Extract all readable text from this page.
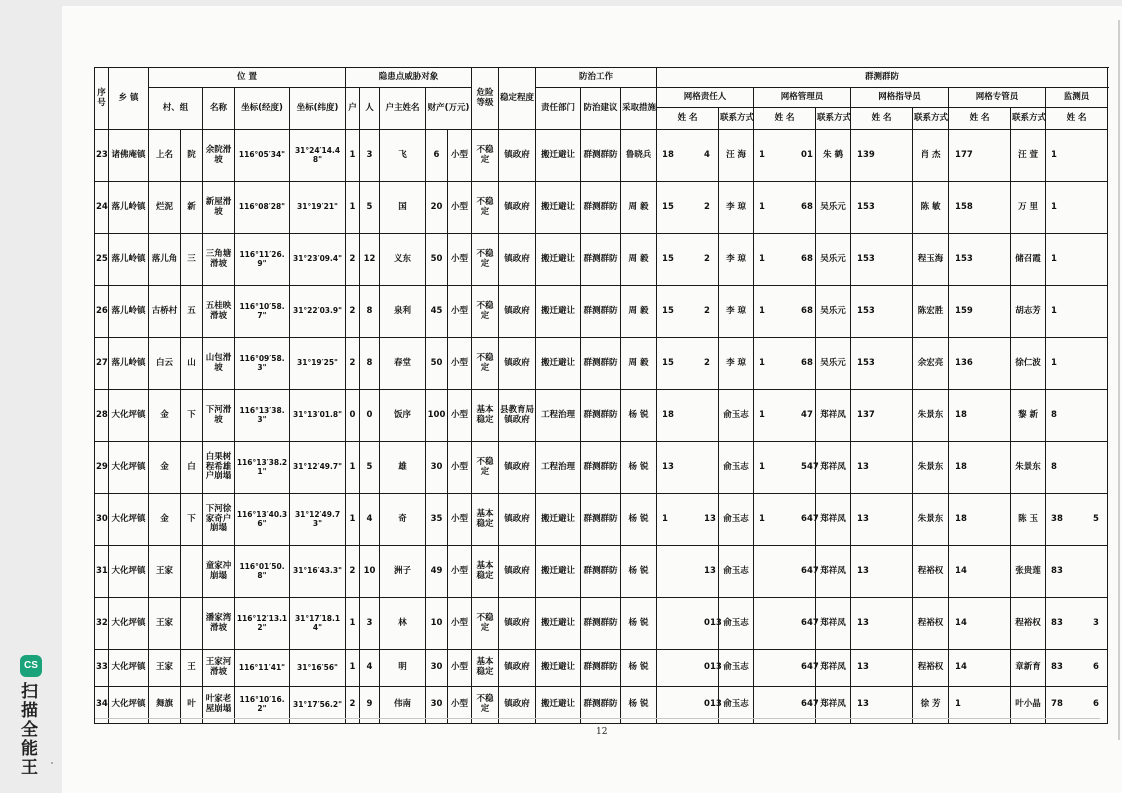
序号	乡 镇	位 置					隐患点威胁对象					危险等级	稳定程度	防治工作			群测群防									
		村、组		名称	坐标(经度)	坐标(纬度)	户	人	户主姓名	财产(万元)				责任部门	防治建议	采取措施	网格责任人		网格管理员		网格指导员		网格专管员		监测员	
																	姓 名	联系方式	姓 名	联系方式	姓 名	联系方式	姓 名	联系方式	姓 名	
23	诸佛庵镇	上名	院	余院滑坡	116°05′34"	31°24′14.48"	1	3	飞	6	小型	不稳定	镇政府	搬迁避让	群测群防	鲁晓兵	18 4	汪 海	1 01	朱 鹤	139	肖 杰	177	汪 萱	1	
24	落儿岭镇	烂泥	新	新屋滑坡	116°08′28"	31°19′21"	1	5	国	20	小型	不稳定	镇政府	搬迁避让	群测群防	周 毅	15 2	李 琼	1 68	吴乐元	153	陈 敏	158	万 里	1	
25	落儿岭镇	落儿角	三	三角塘滑坡	116°11′26.9"	31°23′09.4"	2	12	义东	50	小型	不稳定	镇政府	搬迁避让	群测群防	周 毅	15 2	李 琼	1 68	吴乐元	153	程玉海	153	储召霞	1	
26	落儿岭镇	古桥村	五	五桂映滑坡	116°10′58.7"	31°22′03.9"	2	8	泉利	45	小型	不稳定	镇政府	搬迁避让	群测群防	周 毅	15 2	李 琼	1 68	吴乐元	153	陈宏胜	159	胡志芳	1	
27	落儿岭镇	白云	山	山包滑坡	116°09′58.3"	31°19′25"	2	8	春堂	50	小型	不稳定	镇政府	搬迁避让	群测群防	周 毅	15 2	李 琼	1 68	吴乐元	153	余宏亮	136	徐仁波	1	
28	大化坪镇	金	下	下河滑坡	116°13′38.3"	31°13′01.8"	0	0	饭序	100	小型	基本稳定	县教育局镇政府	工程治理	群测群防	杨 锐	18	俞玉志	1 47	郑祥凤	137	朱景东	18	黎 新	8	
29	大化坪镇	金	白	白果树程希雄户崩塌	116°13′38.21"	31°12′49.7"	1	5	雄	30	小型	不稳定	镇政府	工程治理	群测群防	杨 锐	13	俞玉志	1 547	郑祥凤	13	朱景东	18	朱景东	8	
30	大化坪镇	金	下	下河徐家奇户崩塌	116°13′40.36"	31°12′49.73"	1	4	奇	35	小型	基本稳定	镇政府	搬迁避让	群测群防	杨 锐	1 13	俞玉志	1 647	郑祥凤	13	朱景东	18	陈 玉	38 5	
31	大化坪镇	王家		童家冲崩塌	116°01′50.8"	31°16′43.3"	2	10	洲子	49	小型	基本稳定	镇政府	搬迁避让	群测群防	杨 锐	13	俞玉志	647	郑祥凤	13	程裕权	14	张贵莲	83	
32	大化坪镇	王家		潘家湾滑坡	116°12′13.12"	31°17′18.14"	1	3	林	10	小型	不稳定	镇政府	搬迁避让	群测群防	杨 锐	013	俞玉志	647	郑祥凤	13	程裕权	14	程裕权	83 3	
33	大化坪镇	王家	王	王家河滑坡	116°11′41"	31°16′56"	1	4	明	30	小型	基本稳定	镇政府	搬迁避让	群测群防	杨 锐	013	俞玉志	647	郑祥凤	13	程裕权	14	章新育	83 6	
34	大化坪镇	舞旗	叶	叶家老屋崩塌	116°10′16.2"	31°17′56.2"	2	9	伟南	30	小型	不稳定	镇政府	搬迁避让	群测群防	杨 锐	013	俞玉志	647	郑祥凤	13	徐 芳	1	叶小晶	78 6	
12
CS
扫描全能王
